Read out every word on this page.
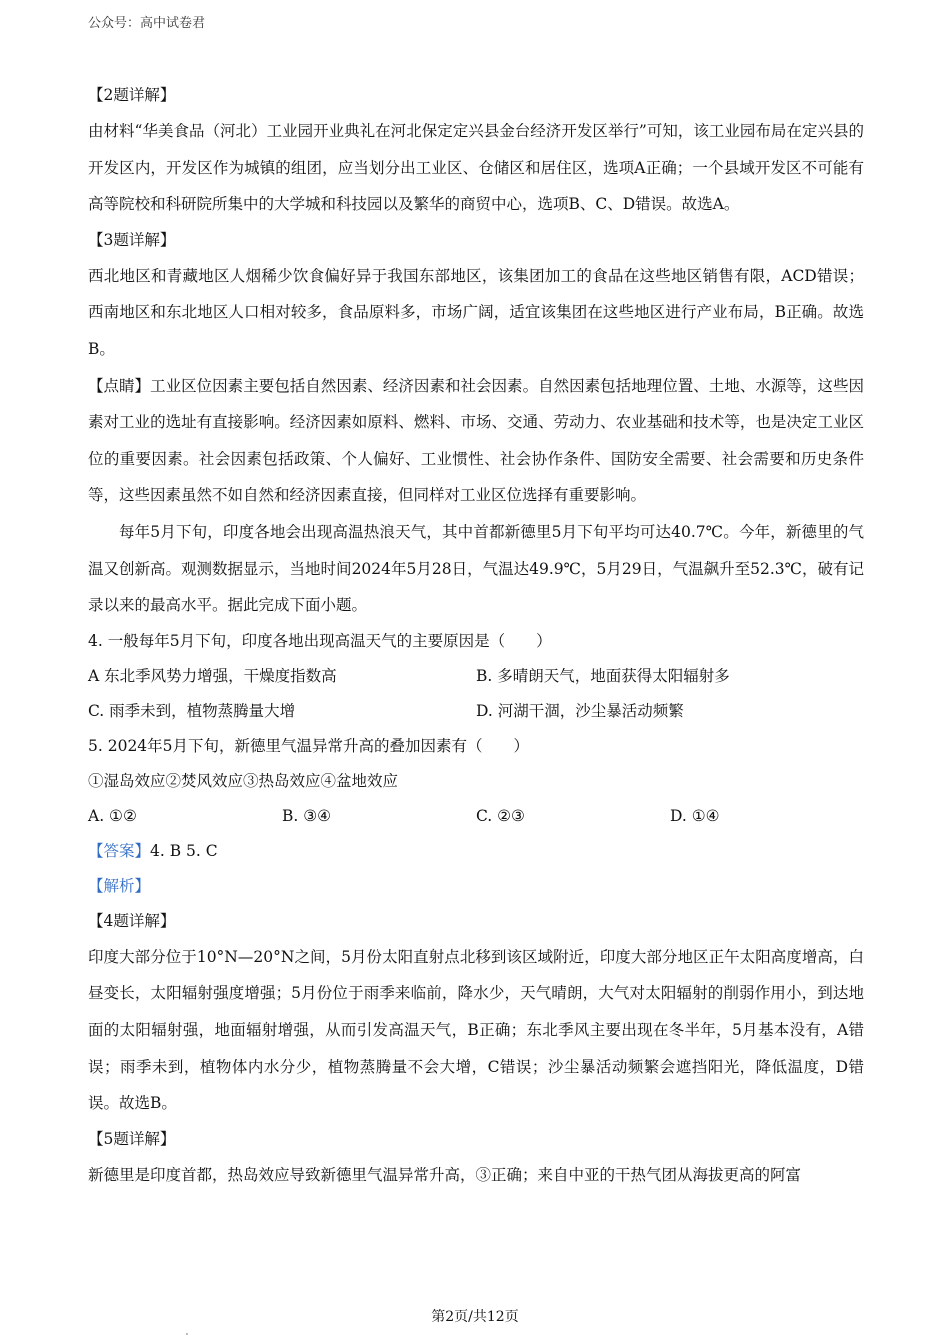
公众号：高中试卷君

【2题详解】

由材料“华美食品（河北）工业园开业典礼在河北保定定兴县金台经济开发区举行”可知，该工业园布局在定兴县的开发区内，开发区作为城镇的组团，应当划分出工业区、仓储区和居住区，选项A正确；一个县域开发区不可能有高等院校和科研院所集中的大学城和科技园以及繁华的商贸中心，选项B、C、D错误。故选A。

【3题详解】

西北地区和青藏地区人烟稀少饮食偏好异于我国东部地区，该集团加工的食品在这些地区销售有限，ACD错误；西南地区和东北地区人口相对较多，食品原料多，市场广阔，适宜该集团在这些地区进行产业布局，B正确。故选B。

【点睛】工业区位因素主要包括自然因素、经济因素和社会因素。自然因素包括地理位置、土地、水源等，这些因素对工业的选址有直接影响。经济因素如原料、燃料、市场、交通、劳动力、农业基础和技术等，也是决定工业区位的重要因素。社会因素包括政策、个人偏好、工业惯性、社会协作条件、国防安全需要、社会需要和历史条件等，这些因素虽然不如自然和经济因素直接，但同样对工业区位选择有重要影响。

每年5月下旬，印度各地会出现高温热浪天气，其中首都新德里5月下旬平均可达40.7℃。今年，新德里的气温又创新高。观测数据显示，当地时间2024年5月28日，气温达49.9℃，5月29日，气温飙升至52.3℃，破有记录以来的最高水平。据此完成下面小题。

4. 一般每年5月下旬，印度各地出现高温天气的主要原因是（　　）

A 东北季风势力增强，干燥度指数高	B. 多晴朗天气，地面获得太阳辐射多
C. 雨季未到，植物蒸腾量大增	D. 河湖干涸，沙尘暴活动频繁

5. 2024年5月下旬，新德里气温异常升高的叠加因素有（　　）

①湿岛效应②焚风效应③热岛效应④盆地效应

A. ①②	B. ③④	C. ②③	D. ①④

【答案】4. B 5. C

【解析】

【4题详解】

印度大部分位于10°N—20°N之间，5月份太阳直射点北移到该区域附近，印度大部分地区正午太阳高度增高，白昼变长，太阳辐射强度增强；5月份位于雨季来临前，降水少，天气晴朗，大气对太阳辐射的削弱作用小，到达地面的太阳辐射强，地面辐射增强，从而引发高温天气，B正确；东北季风主要出现在冬半年，5月基本没有，A错误；雨季未到，植物体内水分少，植物蒸腾量不会大增，C错误；沙尘暴活动频繁会遮挡阳光，降低温度，D错误。故选B。

【5题详解】

新德里是印度首都，热岛效应导致新德里气温异常升高，③正确；来自中亚的干热气团从海拔更高的阿富

第2页/共12页
